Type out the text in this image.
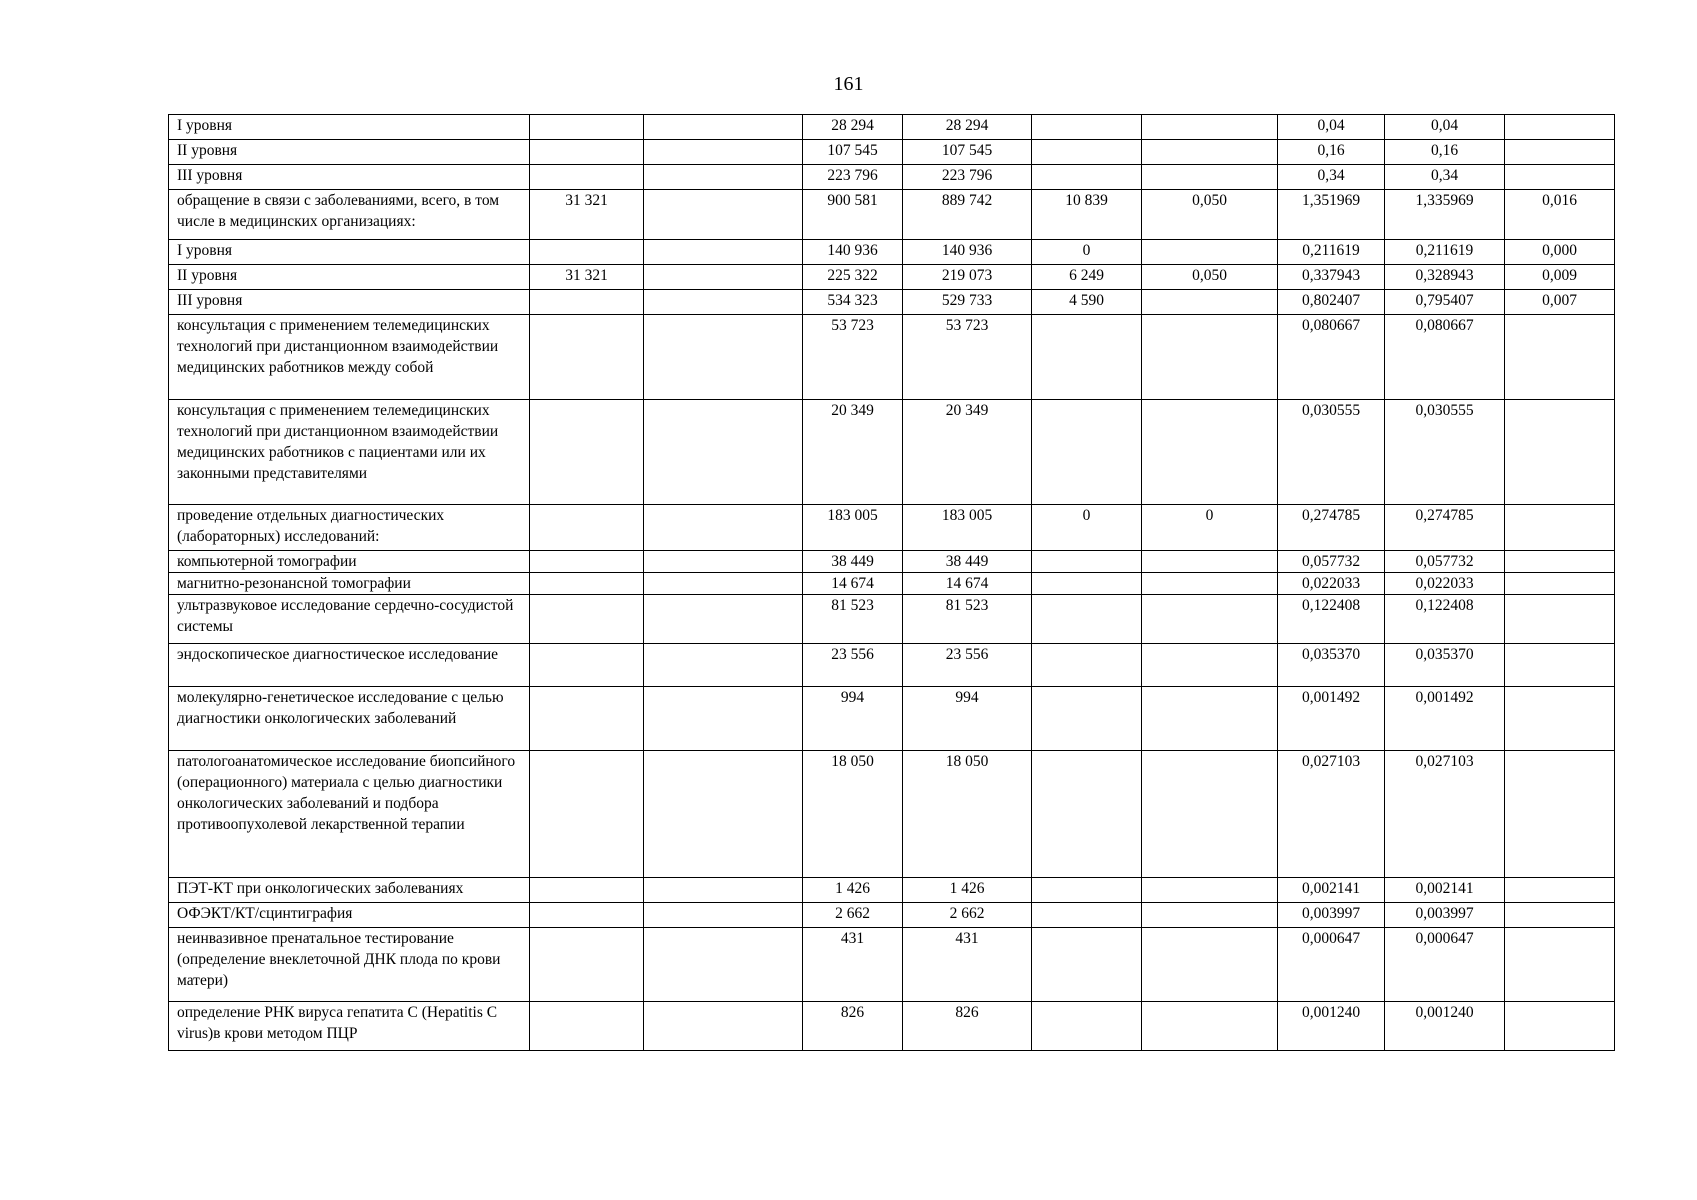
161
I уровня			28 294	28 294			0,04	0,04	
II уровня			107 545	107 545			0,16	0,16	
III уровня			223 796	223 796			0,34	0,34	
обращение в связи с заболеваниями, всего, в том числе в медицинских организациях:	31 321		900 581	889 742	10 839	0,050	1,351969	1,335969	0,016
I уровня			140 936	140 936	0		0,211619	0,211619	0,000
II уровня	31 321		225 322	219 073	6 249	0,050	0,337943	0,328943	0,009
III уровня			534 323	529 733	4 590		0,802407	0,795407	0,007
консультация с применением телемедицинских технологий при дистанционном взаимодействии медицинских работников между собой			53 723	53 723			0,080667	0,080667	
консультация с применением телемедицинских технологий при дистанционном взаимодействии медицинских работников с пациентами или их законными представителями			20 349	20 349			0,030555	0,030555	
проведение отдельных диагностических (лабораторных) исследований:			183 005	183 005	0	0	0,274785	0,274785	
компьютерной томографии			38 449	38 449			0,057732	0,057732	
магнитно-резонансной томографии			14 674	14 674			0,022033	0,022033	
ультразвуковое исследование сердечно-сосудистой системы			81 523	81 523			0,122408	0,122408	
эндоскопическое диагностическое исследование			23 556	23 556			0,035370	0,035370	
молекулярно-генетическое исследование с целью диагностики онкологических заболеваний			994	994			0,001492	0,001492	
патологоанатомическое исследование биопсийного (операционного) материала с целью диагностики онкологических заболеваний и подбора противоопухолевой лекарственной терапии			18 050	18 050			0,027103	0,027103	
ПЭТ-КТ при онкологических заболеваниях			1 426	1 426			0,002141	0,002141	
ОФЭКТ/КТ/сцинтиграфия			2 662	2 662			0,003997	0,003997	
неинвазивное пренатальное тестирование (определение внеклеточной ДНК плода по крови матери)			431	431			0,000647	0,000647	
определение РНК вируса гепатита C (Hepatitis C virus)в крови методом ПЦР			826	826			0,001240	0,001240	
